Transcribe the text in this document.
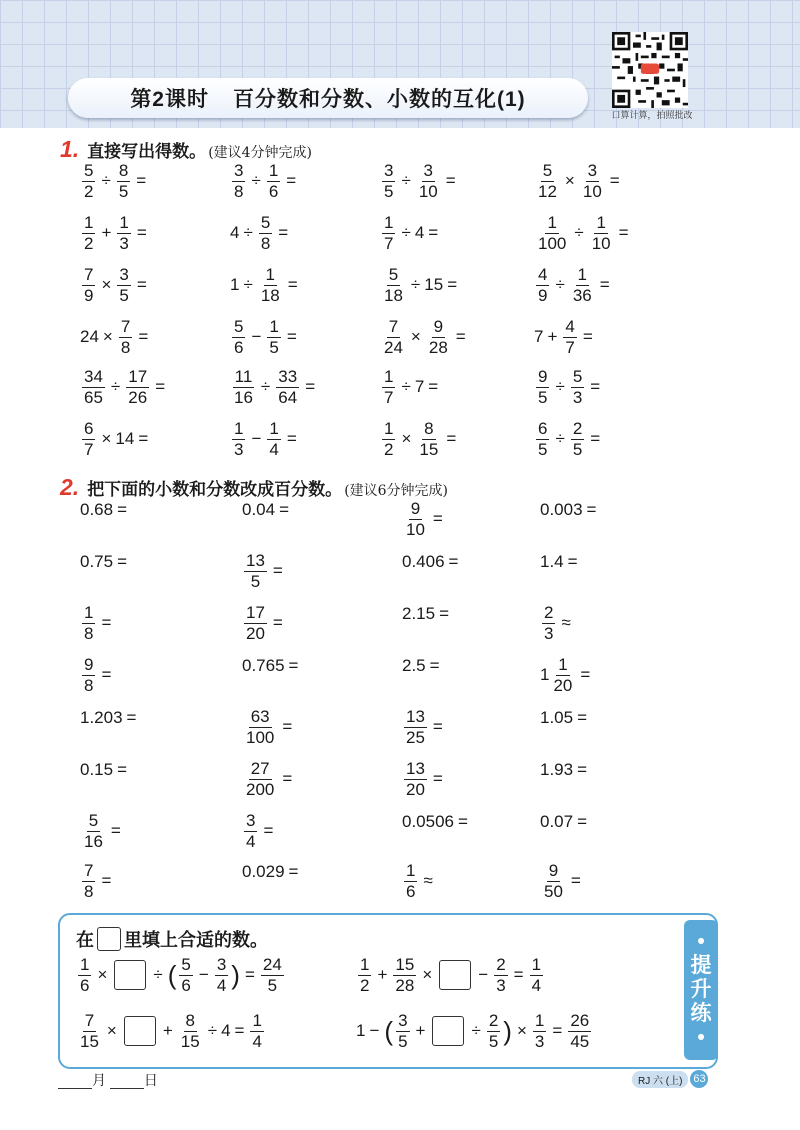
第2课时 百分数和分数、小数的互化(1)
口算计算，拍照批改
1. 直接写出得数。 (建议4分钟完成)
$\frac{5}{2} \div \frac{8}{5}$ =	$\frac{3}{8} \div \frac{1}{6}$ =	$\frac{3}{5} \div \frac{3}{10}$ =	$\frac{5}{12} \times \frac{3}{10}$ =
$\frac{1}{2} + \frac{1}{3}$ =	$4 \div \frac{5}{8}$ =	$\frac{1}{7} \div 4$ =	$\frac{1}{100} \div \frac{1}{10}$ =
$\frac{7}{9} \times \frac{3}{5}$ =	$1 \div \frac{1}{18}$ =	$\frac{5}{18} \div 15$ =	$\frac{4}{9} \div \frac{1}{36}$ =
$24 \times \frac{7}{8}$ =	$\frac{5}{6} - \frac{1}{5}$ =	$\frac{7}{24} \times \frac{9}{28}$ =	$7 + \frac{4}{7}$ =
$\frac{34}{65} \div \frac{17}{26}$ =	$\frac{11}{16} \div \frac{33}{64}$ =	$\frac{1}{7} \div 7$ =	$\frac{9}{5} \div \frac{5}{3}$ =
$\frac{6}{7} \times 14$ =	$\frac{1}{3} - \frac{1}{4}$ =	$\frac{1}{2} \times \frac{8}{15}$ =	$\frac{6}{5} \div \frac{2}{5}$ =
2. 把下面的小数和分数改成百分数。 (建议6分钟完成)
0.68 =	0.04 =	$\frac{9}{10}$ =	0.003 =
0.75 =	$\frac{13}{5}$ =	0.406 =	1.4 =
$\frac{1}{8}$ =	$\frac{17}{20}$ =	2.15 =	$\frac{2}{3}$ ≈
$\frac{9}{8}$ =	0.765 =	2.5 =	$1 \frac{1}{20}$ =
1.203 =	$\frac{63}{100}$ =	$\frac{13}{25}$ =	1.05 =
0.15 =	$\frac{27}{200}$ =	$\frac{13}{20}$ =	1.93 =
$\frac{5}{16}$ =	$\frac{3}{4}$ =	0.0506 =	0.07 =
$\frac{7}{8}$ =	0.029 =	$\frac{1}{6}$ ≈	$\frac{9}{50}$ =
在 里填上合适的数。
$\frac{1}{6}$ ×	÷ ( $\frac{5}{6} - \frac{3}{4}$ ) = $\frac{24}{5}$	$\frac{1}{2} + \frac{15}{28}$ ×	− $\frac{2}{3} = \frac{1}{4}$
$\frac{7}{15}$ ×	+ $\frac{8}{15} \div 4 = \frac{1}{4}$	1 − ( $\frac{3}{5}$ +	÷ $\frac{2}{5}$ ) × $\frac{1}{3} = \frac{26}{45}$
•
提
升
练
•
月	日	RJ 六 (上) 63
